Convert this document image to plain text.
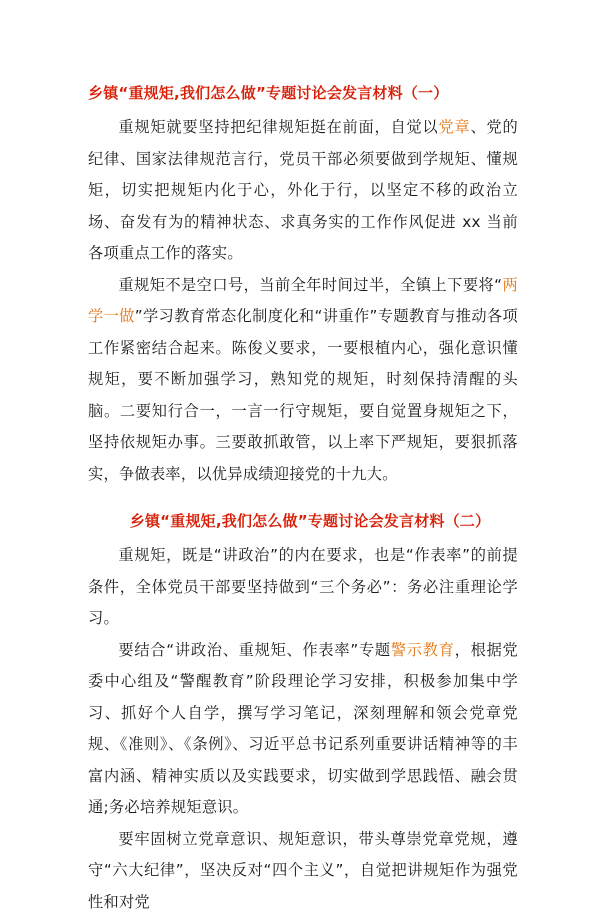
乡镇“重规矩,我们怎么做”专题讨论会发言材料（一）

重规矩就要坚持把纪律规矩挺在前面，自觉以党章、党的纪律、国家法律规范言行，党员干部必须要做到学规矩、懂规矩，切实把规矩内化于心，外化于行，以坚定不移的政治立场、奋发有为的精神状态、求真务实的工作作风促进 xx 当前各项重点工作的落实。

重规矩不是空口号，当前全年时间过半，全镇上下要将“两学一做”学习教育常态化制度化和“讲重作”专题教育与推动各项工作紧密结合起来。陈俊义要求，一要根植内心，强化意识懂规矩，要不断加强学习，熟知党的规矩，时刻保持清醒的头脑。二要知行合一，一言一行守规矩，要自觉置身规矩之下，坚持依规矩办事。三要敢抓敢管，以上率下严规矩，要狠抓落实，争做表率，以优异成绩迎接党的十九大。

乡镇“重规矩,我们怎么做”专题讨论会发言材料（二）

重规矩，既是“讲政治”的内在要求，也是“作表率”的前提条件，全体党员干部要坚持做到“三个务必”：务必注重理论学习。

要结合“讲政治、重规矩、作表率”专题警示教育，根据党委中心组及“警醒教育”阶段理论学习安排，积极参加集中学习、抓好个人自学，撰写学习笔记，深刻理解和领会党章党规、《准则》、《条例》、习近平总书记系列重要讲话精神等的丰富内涵、精神实质以及实践要求，切实做到学思践悟、融会贯通;务必培养规矩意识。

要牢固树立党章意识、规矩意识，带头尊崇党章党规，遵守“六大纪律”，坚决反对“四个主义”，自觉把讲规矩作为强党性和对党
